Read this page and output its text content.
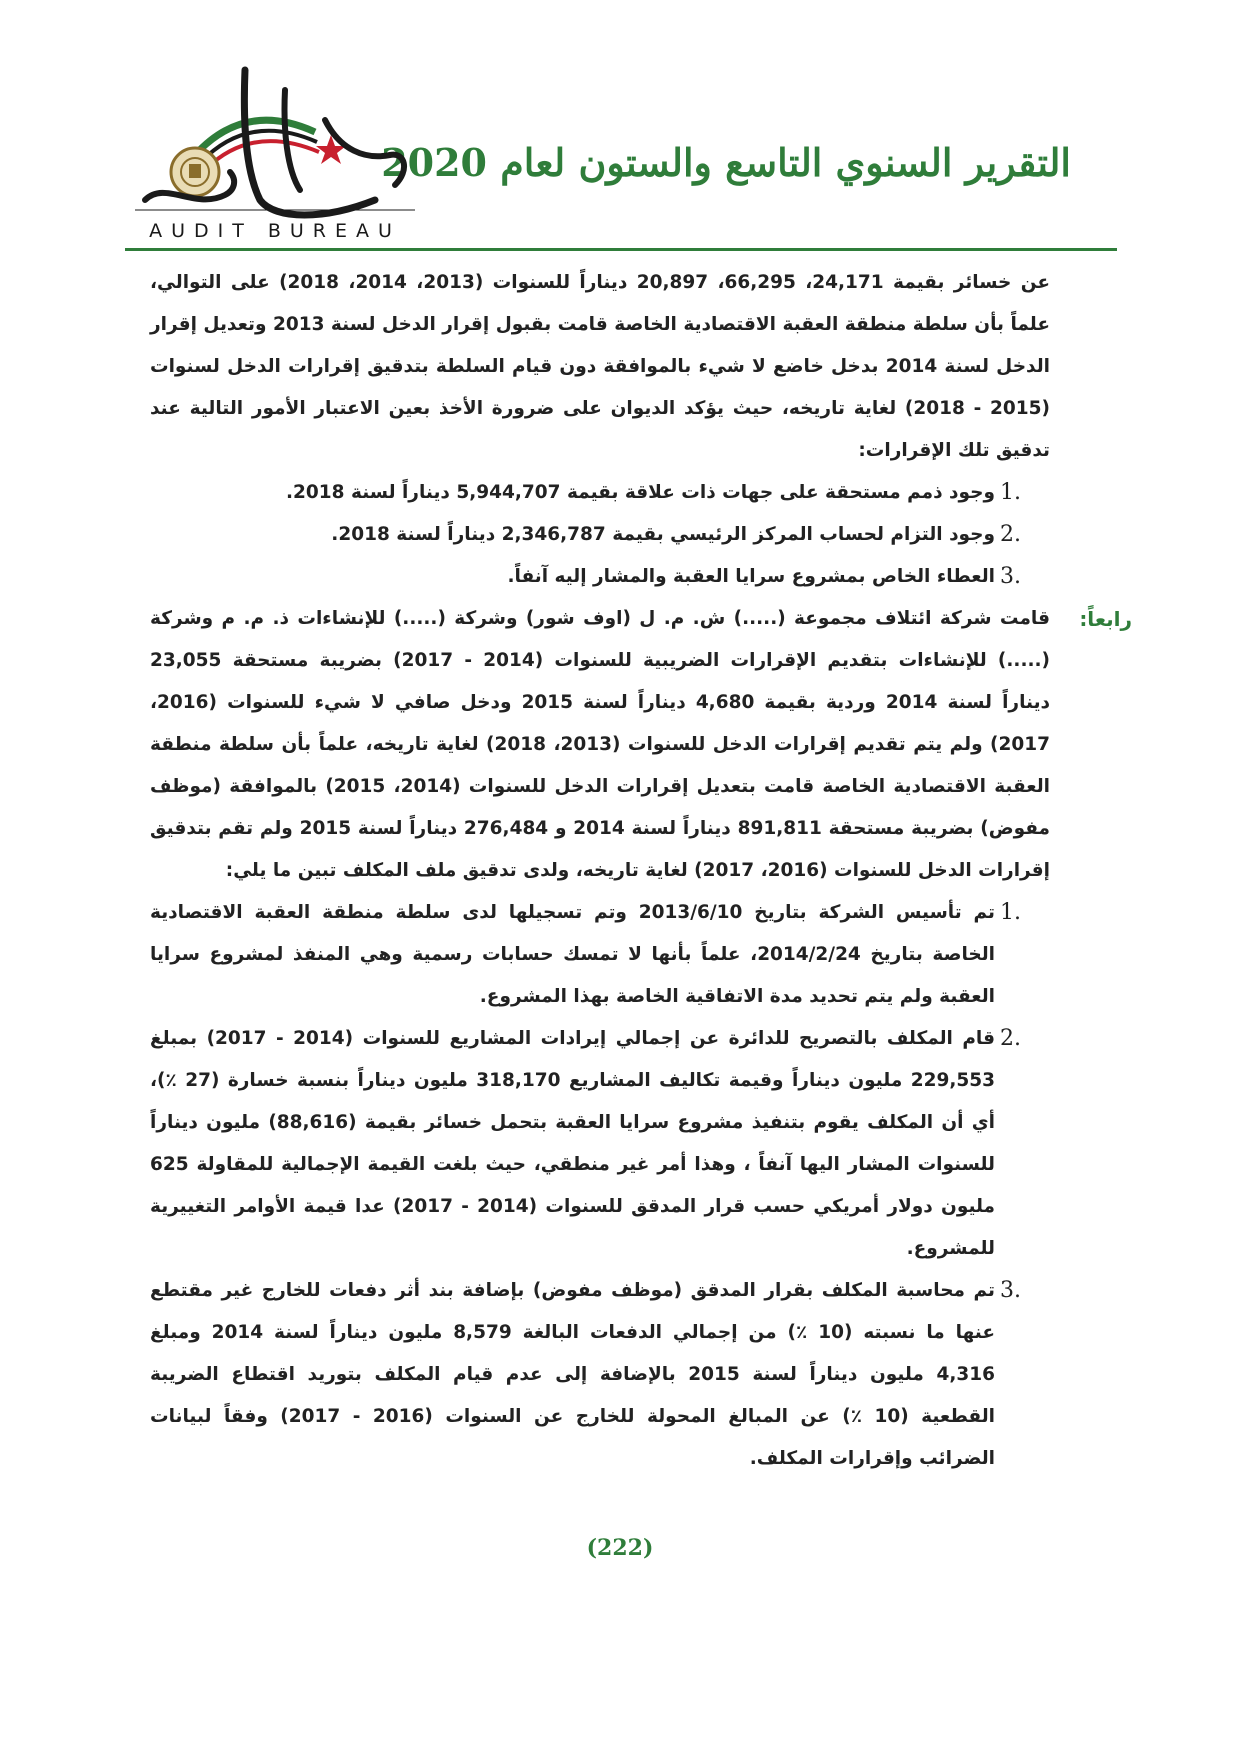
التقرير السنوي التاسع والستون لعام 2020
AUDIT BUREAU

عن خسائر بقيمة 24,171، 66,295، 20,897 ديناراً للسنوات (2013، 2014، 2018) على التوالي، علماً بأن سلطة منطقة العقبة الاقتصادية الخاصة قامت بقبول إقرار الدخل لسنة 2013 وتعديل إقرار الدخل لسنة 2014 بدخل خاضع لا شيء بالموافقة دون قيام السلطة بتدقيق إقرارات الدخل لسنوات (2015 - 2018) لغاية تاريخه، حيث يؤكد الديوان على ضرورة الأخذ بعين الاعتبار الأمور التالية عند تدقيق تلك الإقرارات:

1.

وجود ذمم مستحقة على جهات ذات علاقة بقيمة 5,944,707 ديناراً لسنة 2018.

2.

وجود التزام لحساب المركز الرئيسي بقيمة 2,346,787 ديناراً لسنة 2018.

3.

العطاء الخاص بمشروع سرايا العقبة والمشار إليه آنفاً.

رابعاً:

قامت شركة ائتلاف مجموعة (.....) ش. م. ل (اوف شور) وشركة (.....) للإنشاءات ذ. م. م وشركة (.....) للإنشاءات بتقديم الإقرارات الضريبية للسنوات (2014 - 2017) بضريبة مستحقة 23,055 ديناراً لسنة 2014 وردية بقيمة 4,680 ديناراً لسنة 2015 ودخل صافي لا شيء للسنوات (2016، 2017) ولم يتم تقديم إقرارات الدخل للسنوات (2013، 2018) لغاية تاريخه، علماً بأن سلطة منطقة العقبة الاقتصادية الخاصة قامت بتعديل إقرارات الدخل للسنوات (2014، 2015) بالموافقة (موظف مفوض) بضريبة مستحقة 891,811 ديناراً لسنة 2014 و 276,484 ديناراً لسنة 2015 ولم تقم بتدقيق إقرارات الدخل للسنوات (2016، 2017) لغاية تاريخه، ولدى تدقيق ملف المكلف تبين ما يلي:

1.

تم تأسيس الشركة بتاريخ 2013/6/10 وتم تسجيلها لدى سلطة منطقة العقبة الاقتصادية الخاصة بتاريخ 2014/2/24، علماً بأنها لا تمسك حسابات رسمية وهي المنفذ لمشروع سرايا العقبة ولم يتم تحديد مدة الاتفاقية الخاصة بهذا المشروع.

2.

قام المكلف بالتصريح للدائرة عن إجمالي إيرادات المشاريع للسنوات (2014 - 2017) بمبلغ 229,553 مليون ديناراً وقيمة تكاليف المشاريع 318,170 مليون ديناراً بنسبة خسارة (27 ٪)، أي أن المكلف يقوم بتنفيذ مشروع سرايا العقبة بتحمل خسائر بقيمة (88,616) مليون ديناراً للسنوات المشار اليها آنفاً ، وهذا أمر غير منطقي، حيث بلغت القيمة الإجمالية للمقاولة 625 مليون دولار أمريكي حسب قرار المدقق للسنوات (2014 - 2017) عدا قيمة الأوامر التغييرية للمشروع.

3.

تم محاسبة المكلف بقرار المدقق (موظف مفوض) بإضافة بند أثر دفعات للخارج غير مقتطع عنها ما نسبته (10 ٪) من إجمالي الدفعات البالغة 8,579 مليون ديناراً لسنة 2014 ومبلغ 4,316 مليون ديناراً لسنة 2015 بالإضافة إلى عدم قيام المكلف بتوريد اقتطاع الضريبة القطعية (10 ٪) عن المبالغ المحولة للخارج عن السنوات (2016 - 2017) وفقاً لبيانات الضرائب وإقرارات المكلف.

(222)
